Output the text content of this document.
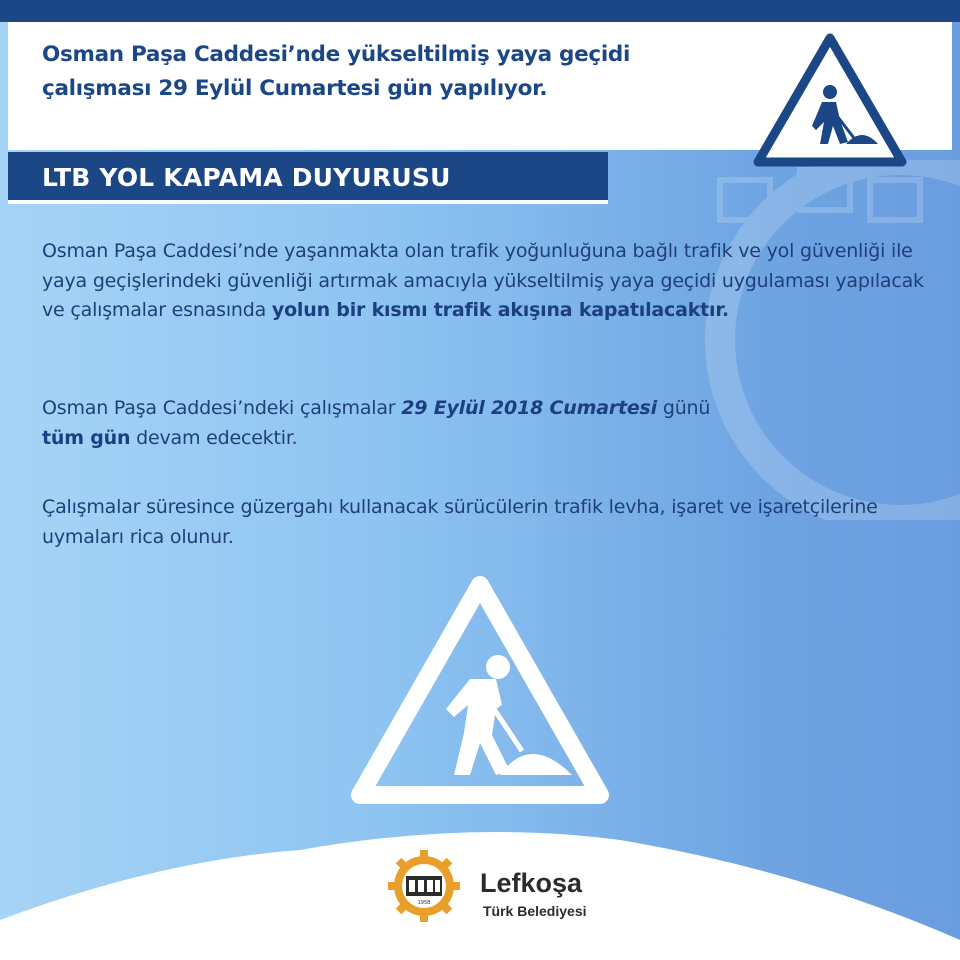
Osman Paşa Caddesi’nde yükseltilmiş yaya geçidi
çalışması 29 Eylül Cumartesi gün yapılıyor.
LTB YOL KAPAMA DUYURUSU
Osman Paşa Caddesi’nde yaşanmakta olan trafik yoğunluğuna bağlı trafik ve yol güvenliği ile yaya geçişlerindeki güvenliği artırmak amacıyla yükseltilmiş yaya geçidi uygulaması yapılacak ve çalışmalar esnasında yolun bir kısmı trafik akışına kapatılacaktır.
Osman Paşa Caddesi’ndeki çalışmalar 29 Eylül 2018 Cumartesi günü
tüm gün devam edecektir.
Çalışmalar süresince güzergahı kullanacak sürücülerin trafik levha, işaret ve işaretçilerine uymaları rica olunur.
1958
Lefkoşa
Türk Belediyesi
